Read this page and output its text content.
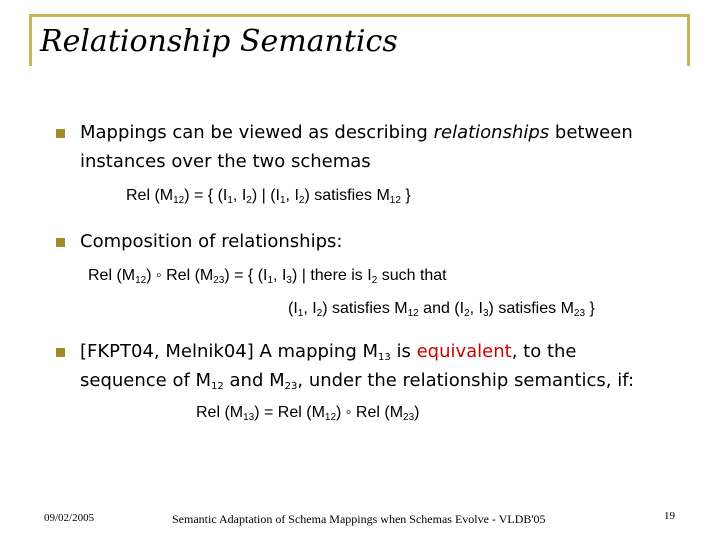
Relationship Semantics
Mappings can be viewed as describing relationships between
instances over the two schemas
Rel $(M_{12})$ = { ($I_1$, $I_2$) | ($I_1$, $I_2$) satisfies $M_{12}$ }
Composition of relationships:
Rel $(M_{12})$ ◦ Rel $(M_{23})$ = { ($I_1$, $I_3$) | there is $I_2$ such that
($I_1$, $I_2$) satisfies $M_{12}$ and ($I_2$, $I_3$) satisfies $M_{23}$ }
[FKPT04, Melnik04] A mapping $M_{13}$ is equivalent, to the
sequence of $M_{12}$ and $M_{23}$, under the relationship semantics, if:
Rel $(M_{13})$ = Rel $(M_{12})$ ◦ Rel $(M_{23})$
09/02/2005	Semantic Adaptation of Schema Mappings when Schemas Evolve - VLDB'05	19
